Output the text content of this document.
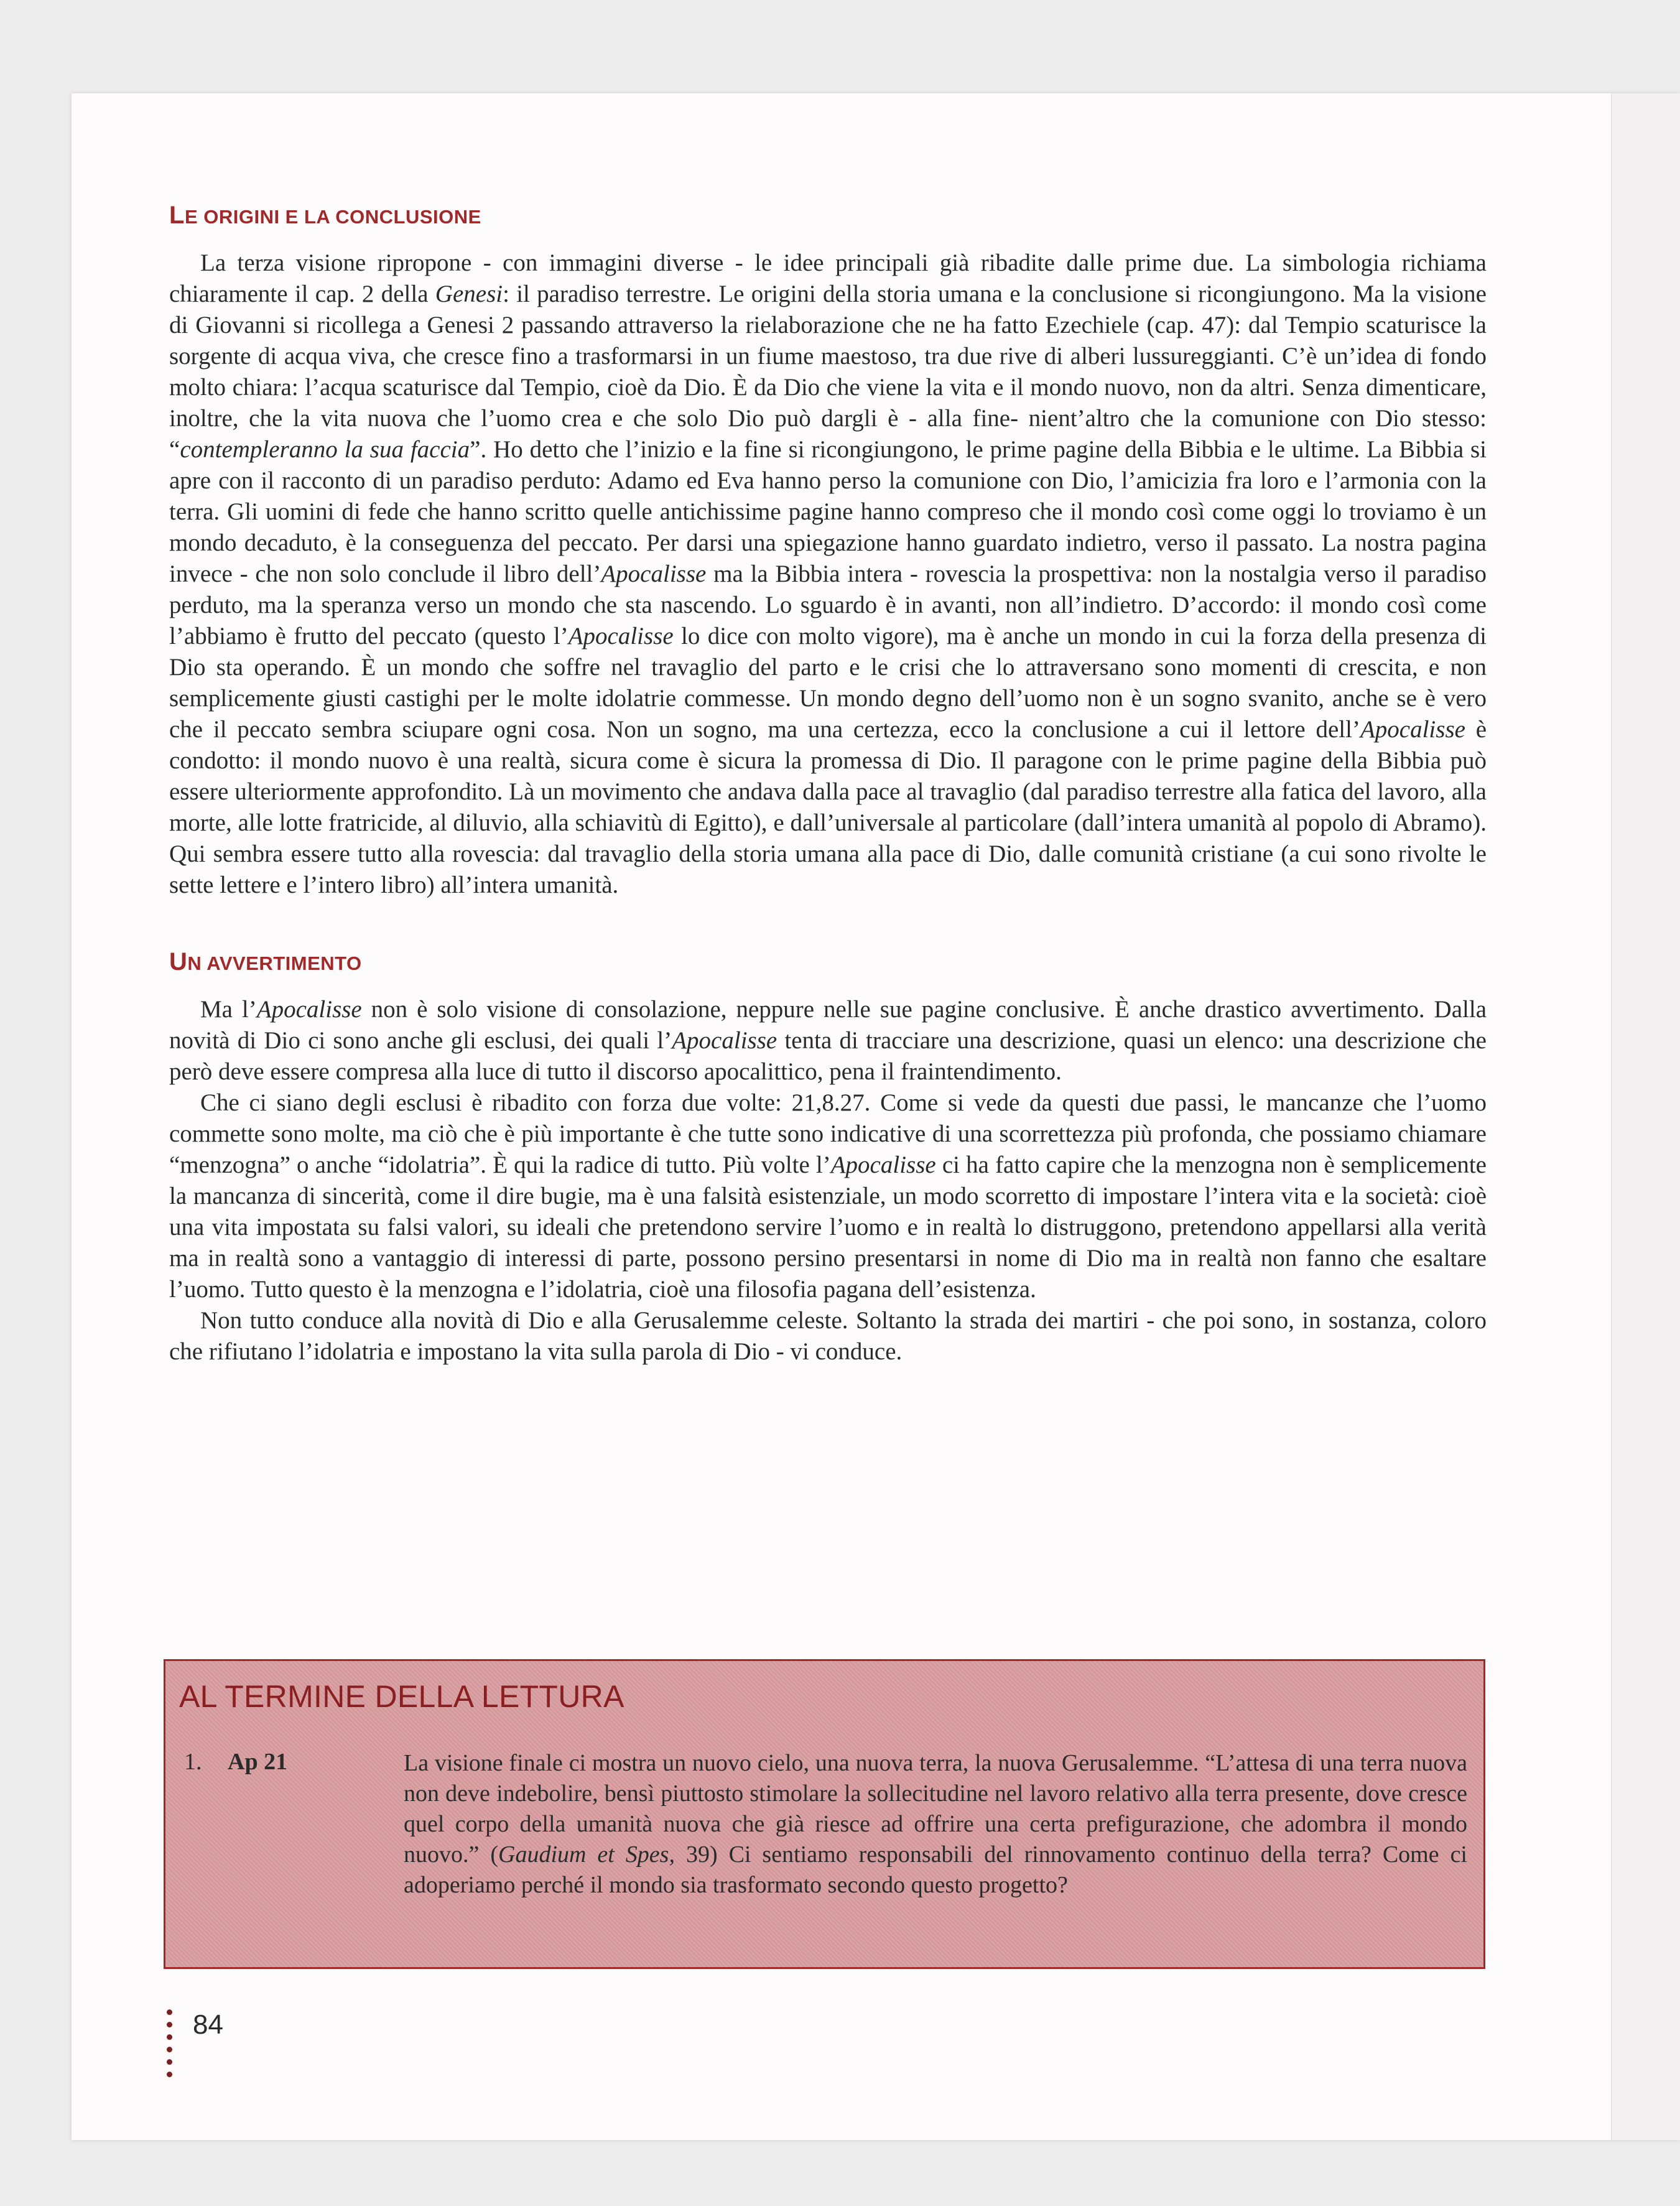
LE ORIGINI E LA CONCLUSIONE

La terza visione ripropone - con immagini diverse - le idee principali già ribadite dalle prime due. La simbologia richiama chiaramente il cap. 2 della Genesi: il paradiso terrestre. Le origini della storia umana e la conclusione si ricongiungono. Ma la visione di Giovanni si ricollega a Genesi 2 passando attraverso la rielaborazione che ne ha fatto Ezechiele (cap. 47): dal Tempio scaturisce la sorgente di acqua viva, che cresce fino a trasformarsi in un fiume maestoso, tra due rive di alberi lussureggianti. C’è un’idea di fondo molto chiara: l’acqua scaturisce dal Tempio, cioè da Dio. È da Dio che viene la vita e il mondo nuovo, non da altri. Senza dimenticare, inoltre, che la vita nuova che l’uomo crea e che solo Dio può dargli è - alla fine- nient’altro che la comunione con Dio stesso: “contempleranno la sua faccia”. Ho detto che l’inizio e la fine si ricongiungono, le prime pagine della Bibbia e le ultime. La Bibbia si apre con il racconto di un paradiso perduto: Adamo ed Eva hanno perso la comunione con Dio, l’amicizia fra loro e l’armonia con la terra. Gli uomini di fede che hanno scritto quelle antichissime pagine hanno compreso che il mondo così come oggi lo troviamo è un mondo decaduto, è la conseguenza del peccato. Per darsi una spiegazione hanno guardato indietro, verso il passato. La nostra pagina invece - che non solo conclude il libro dell’Apocalisse ma la Bibbia intera - rovescia la prospettiva: non la nostalgia verso il paradiso perduto, ma la speranza verso un mondo che sta nascendo. Lo sguardo è in avanti, non all’indietro. D’accordo: il mondo così come l’abbiamo è frutto del peccato (questo l’Apocalisse lo dice con molto vigore), ma è anche un mondo in cui la forza della presenza di Dio sta operando. È un mondo che soffre nel travaglio del parto e le crisi che lo attraversano sono momenti di crescita, e non semplicemente giusti castighi per le molte idolatrie commesse. Un mondo degno dell’uomo non è un sogno svanito, anche se è vero che il peccato sembra sciupare ogni cosa. Non un sogno, ma una certezza, ecco la conclusione a cui il lettore dell’Apocalisse è condotto: il mondo nuovo è una realtà, sicura come è sicura la promessa di Dio. Il paragone con le prime pagine della Bibbia può essere ulteriormente approfondito. Là un movimento che andava dalla pace al travaglio (dal paradiso terrestre alla fatica del lavoro, alla morte, alle lotte fratricide, al diluvio, alla schiavitù di Egitto), e dall’universale al particolare (dall’intera umanità al popolo di Abramo). Qui sembra essere tutto alla rovescia: dal travaglio della storia umana alla pace di Dio, dalle comunità cristiane (a cui sono rivolte le sette lettere e l’intero libro) all’intera umanità.

UN AVVERTIMENTO

Ma l’Apocalisse non è solo visione di consolazione, neppure nelle sue pagine conclusive. È anche drastico avvertimento. Dalla novità di Dio ci sono anche gli esclusi, dei quali l’Apocalisse tenta di tracciare una descrizione, quasi un elenco: una descrizione che però deve essere compresa alla luce di tutto il discorso apocalittico, pena il fraintendimento.

Che ci siano degli esclusi è ribadito con forza due volte: 21,8.27. Come si vede da questi due passi, le mancanze che l’uomo commette sono molte, ma ciò che è più importante è che tutte sono indicative di una scorrettezza più profonda, che possiamo chiamare “menzogna” o anche “idolatria”. È qui la radice di tutto. Più volte l’Apocalisse ci ha fatto capire che la menzogna non è semplicemente la mancanza di sincerità, come il dire bugie, ma è una falsità esistenziale, un modo scorretto di impostare l’intera vita e la società: cioè una vita impostata su falsi valori, su ideali che pretendono servire l’uomo e in realtà lo distruggono, pretendono appellarsi alla verità ma in realtà sono a vantaggio di interessi di parte, possono persino presentarsi in nome di Dio ma in realtà non fanno che esaltare l’uomo. Tutto questo è la menzogna e l’idolatria, cioè una filosofia pagana dell’esistenza.

Non tutto conduce alla novità di Dio e alla Gerusalemme celeste. Soltanto la strada dei martiri - che poi sono, in sostanza, coloro che rifiutano l’idolatria e impostano la vita sulla parola di Dio - vi conduce.

AL TERMINE DELLA LETTURA
1. Ap 21	La visione finale ci mostra un nuovo cielo, una nuova terra, la nuova Gerusalemme. “L’attesa di una terra nuova non deve indebolire, bensì piuttosto stimolare la sollecitudine nel lavoro relativo alla terra presente, dove cresce quel corpo della umanità nuova che già riesce ad offrire una certa prefigurazione, che adombra il mondo nuovo.” (Gaudium et Spes, 39) Ci sentiamo responsabili del rinnovamento continuo della terra? Come ci adoperiamo perché il mondo sia trasformato secondo questo progetto?
84
